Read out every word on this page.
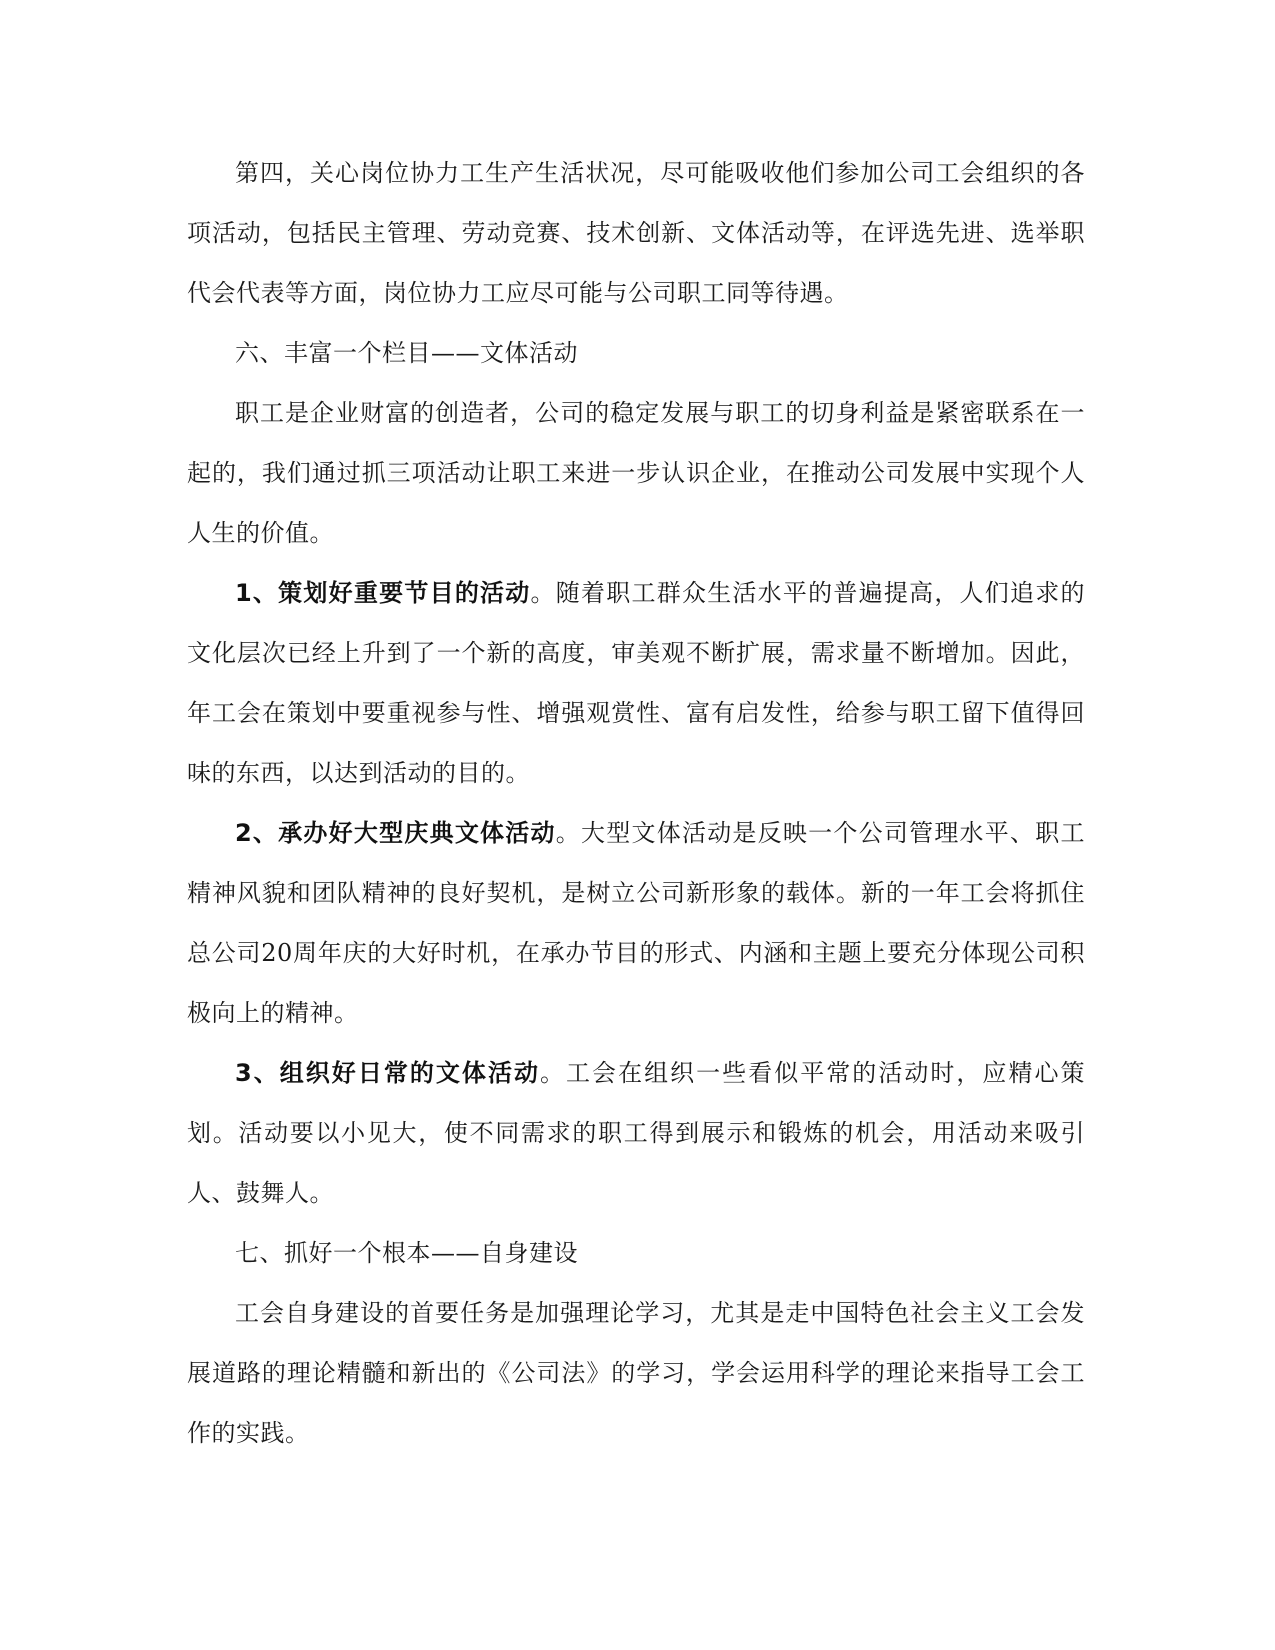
第四，关心岗位协力工生产生活状况，尽可能吸收他们参加公司工会组织的各项活动，包括民主管理、劳动竞赛、技术创新、文体活动等，在评选先进、选举职代会代表等方面，岗位协力工应尽可能与公司职工同等待遇。

六、丰富一个栏目——文体活动

职工是企业财富的创造者，公司的稳定发展与职工的切身利益是紧密联系在一起的，我们通过抓三项活动让职工来进一步认识企业，在推动公司发展中实现个人人生的价值。

1、策划好重要节目的活动。随着职工群众生活水平的普遍提高，人们追求的文化层次已经上升到了一个新的高度，审美观不断扩展，需求量不断增加。因此，年工会在策划中要重视参与性、增强观赏性、富有启发性，给参与职工留下值得回味的东西，以达到活动的目的。

2、承办好大型庆典文体活动。大型文体活动是反映一个公司管理水平、职工精神风貌和团队精神的良好契机，是树立公司新形象的载体。新的一年工会将抓住总公司20周年庆的大好时机，在承办节目的形式、内涵和主题上要充分体现公司积极向上的精神。

3、组织好日常的文体活动。工会在组织一些看似平常的活动时，应精心策划。活动要以小见大，使不同需求的职工得到展示和锻炼的机会，用活动来吸引人、鼓舞人。

七、抓好一个根本——自身建设

工会自身建设的首要任务是加强理论学习，尤其是走中国特色社会主义工会发展道路的理论精髓和新出的《公司法》的学习，学会运用科学的理论来指导工会工作的实践。
